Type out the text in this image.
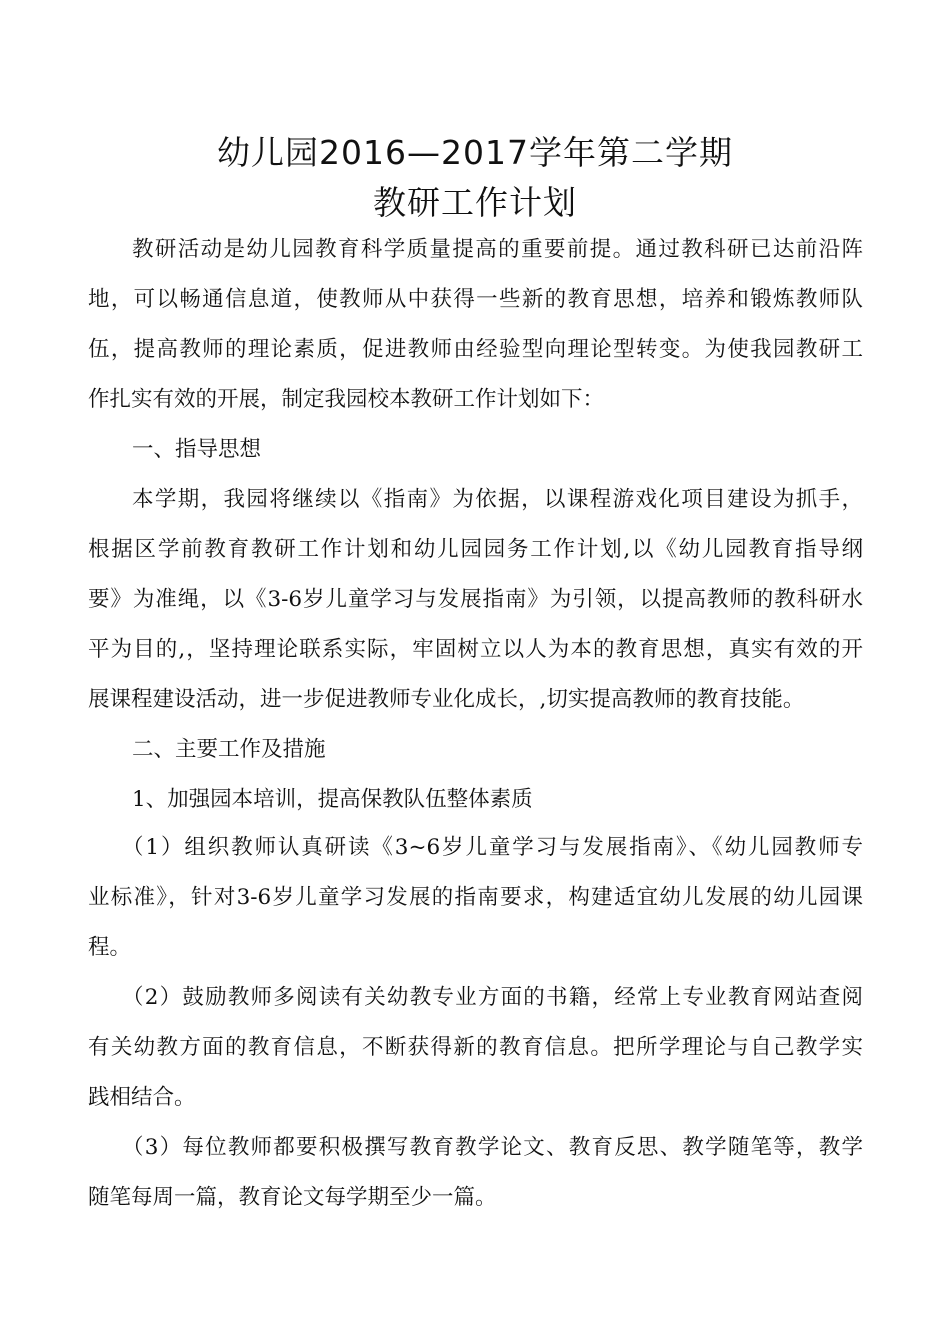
幼儿园2016—2017学年第二学期
教研工作计划
教研活动是幼儿园教育科学质量提高的重要前提。通过教科研已达前沿阵
地，可以畅通信息道，使教师从中获得一些新的教育思想，培养和锻炼教师队
伍，提高教师的理论素质，促进教师由经验型向理论型转变。为使我园教研工
作扎实有效的开展，制定我园校本教研工作计划如下：
一、指导思想
本学期，我园将继续以《指南》为依据，以课程游戏化项目建设为抓手，
根据区学前教育教研工作计划和幼儿园园务工作计划,以《幼儿园教育指导纲
要》为准绳，以《3-6岁儿童学习与发展指南》为引领，以提高教师的教科研水
平为目的,，坚持理论联系实际，牢固树立以人为本的教育思想，真实有效的开
展课程建设活动，进一步促进教师专业化成长，,切实提高教师的教育技能。
二、主要工作及措施
1、加强园本培训，提高保教队伍整体素质
（1）组织教师认真研读《3~6岁儿童学习与发展指南》、《幼儿园教师专
业标准》，针对3-6岁儿童学习发展的指南要求，构建适宜幼儿发展的幼儿园课
程。
（2）鼓励教师多阅读有关幼教专业方面的书籍，经常上专业教育网站查阅
有关幼教方面的教育信息，不断获得新的教育信息。把所学理论与自己教学实
践相结合。
（3）每位教师都要积极撰写教育教学论文、教育反思、教学随笔等，教学
随笔每周一篇，教育论文每学期至少一篇。
